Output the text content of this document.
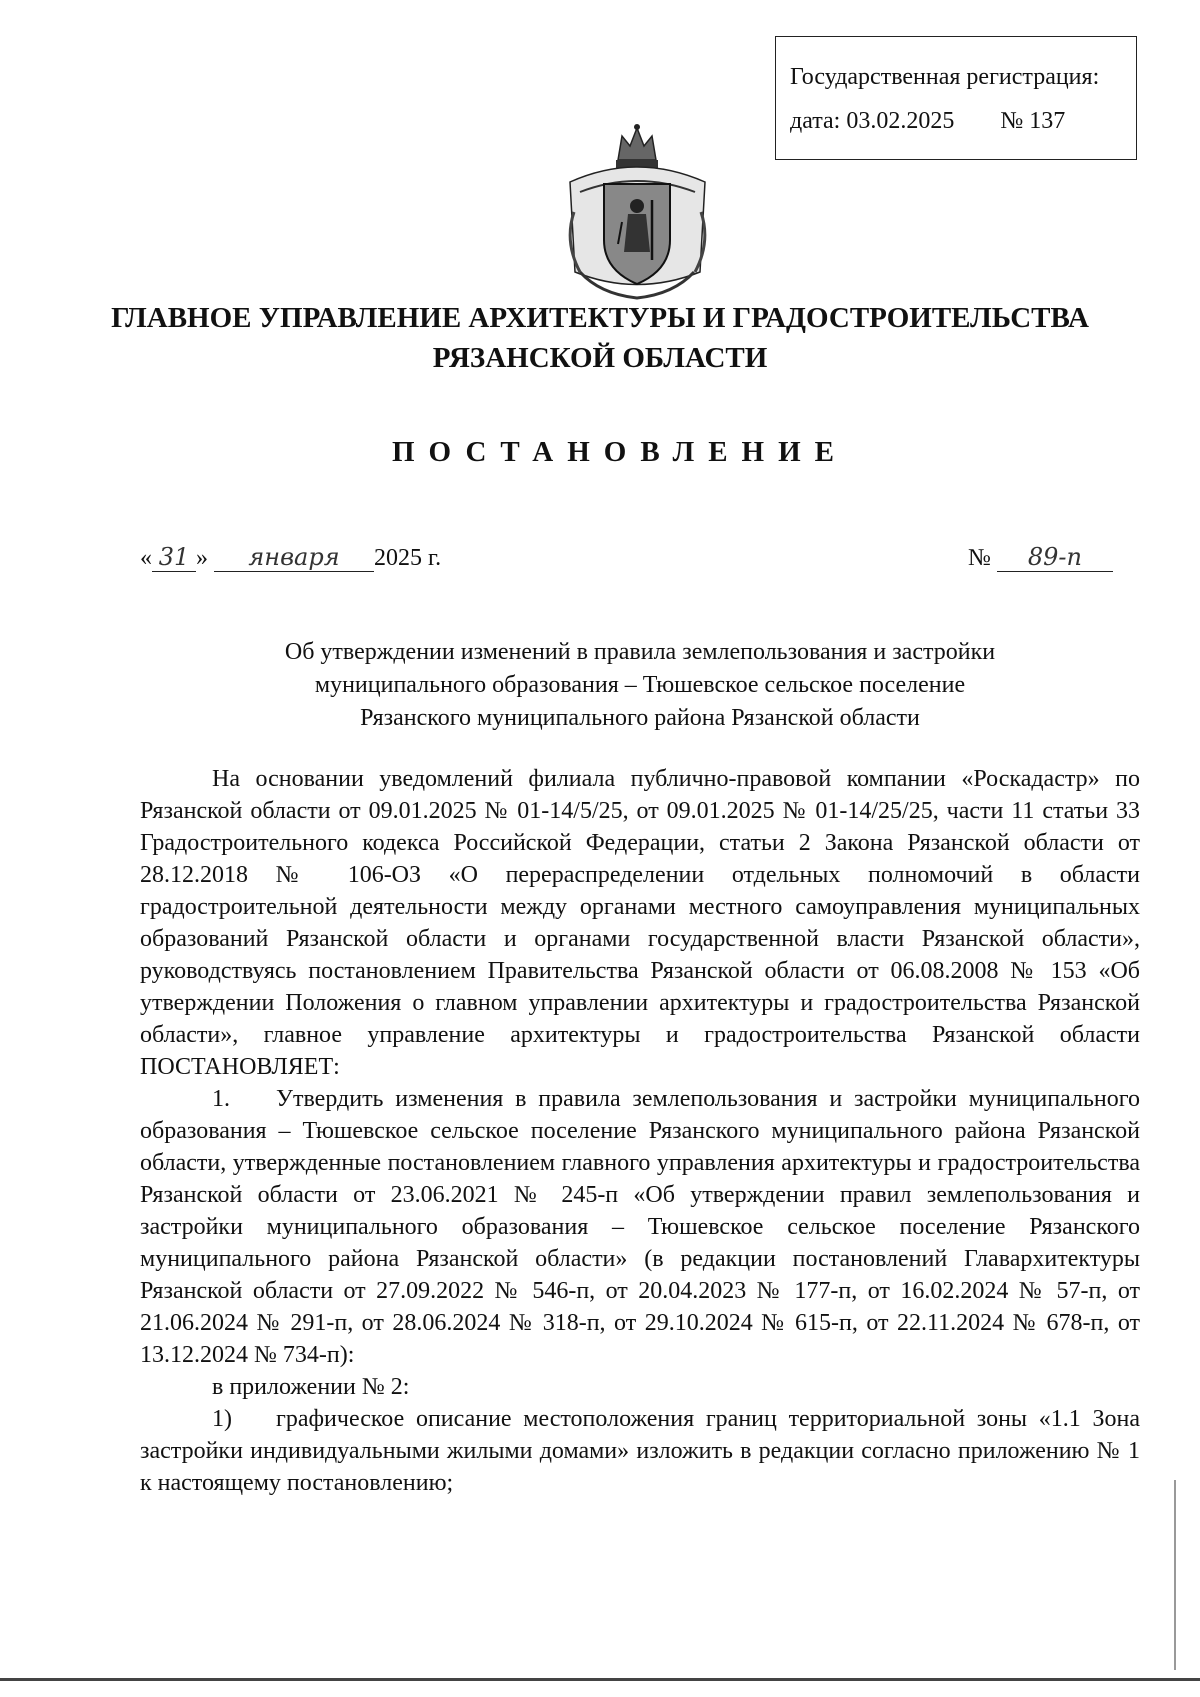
Государственная регистрация:
дата: 03.02.2025 № 137
ГЛАВНОЕ УПРАВЛЕНИЕ АРХИТЕКТУРЫ И ГРАДОСТРОИТЕЛЬСТВА
РЯЗАНСКОЙ ОБЛАСТИ
ПОСТАНОВЛЕНИЕ
« 31 » января 2025 г.	№ 89-п
Об утверждении изменений в правила землепользования и застройки
муниципального образования – Тюшевское сельское поселение
Рязанского муниципального района Рязанской области

На основании уведомлений филиала публично-правовой компании «Роскадастр» по Рязанской области от 09.01.2025 № 01-14/5/25, от 09.01.2025 № 01-14/25/25, части 11 статьи 33 Градостроительного кодекса Российской Федерации, статьи 2 Закона Рязанской области от 28.12.2018 № 106-ОЗ «О перераспределении отдельных полномочий в области градостроительной деятельности между органами местного самоуправления муниципальных образований Рязанской области и органами государственной власти Рязанской области», руководствуясь постановлением Правительства Рязанской области от 06.08.2008 № 153 «Об утверждении Положения о главном управлении архитектуры и градостроительства Рязанской области», главное управление архитектуры и градостроительства Рязанской области ПОСТАНОВЛЯЕТ:

1. Утвердить изменения в правила землепользования и застройки муниципального образования – Тюшевское сельское поселение Рязанского муниципального района Рязанской области, утвержденные постановлением главного управления архитектуры и градостроительства Рязанской области от 23.06.2021 № 245-п «Об утверждении правил землепользования и застройки муниципального образования – Тюшевское сельское поселение Рязанского муниципального района Рязанской области» (в редакции постановлений Главархитектуры Рязанской области от 27.09.2022 № 546-п, от 20.04.2023 № 177-п, от 16.02.2024 № 57-п, от 21.06.2024 № 291-п, от 28.06.2024 № 318-п, от 29.10.2024 № 615-п, от 22.11.2024 № 678-п, от 13.12.2024 № 734-п):

в приложении № 2:

1) графическое описание местоположения границ территориальной зоны «1.1 Зона застройки индивидуальными жилыми домами» изложить в редакции согласно приложению № 1 к настоящему постановлению;
